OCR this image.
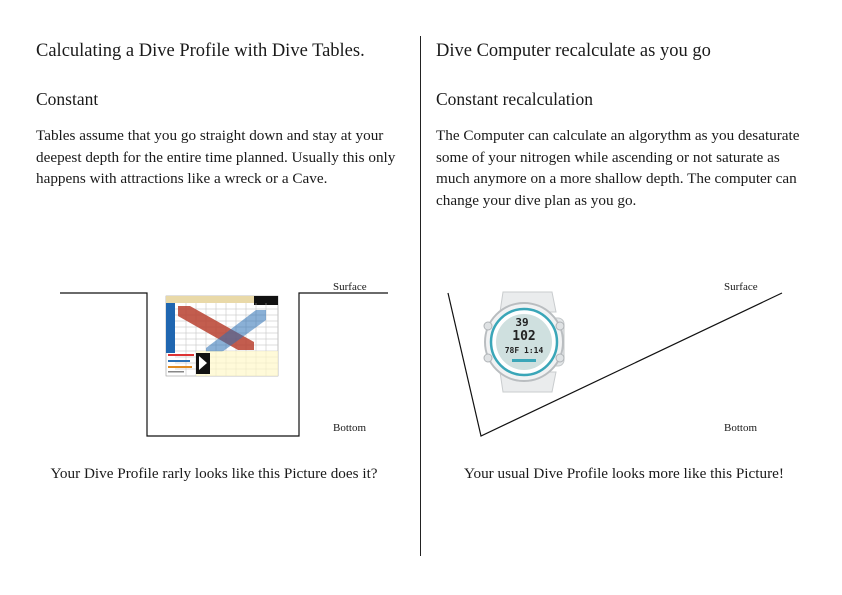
Calculating a Dive Profile with Dive Tables.
Constant
Tables assume that you go straight down and stay at your deepest depth for the entire time planned. Usually this only happens with attractions like a wreck or a Cave.
Dive Computer recalculate as you go
Constant recalculation
The Computer can calculate an algorythm as you desaturate some of your nitrogen while ascending or not saturate as much anymore on a more shallow depth. The computer can change your dive plan as you go.
39
102
78F 1:14
Surface
Bottom
Surface
Bottom
Your Dive Profile rarly looks like this Picture does it?	Your usual Dive Profile looks more like this Picture!
